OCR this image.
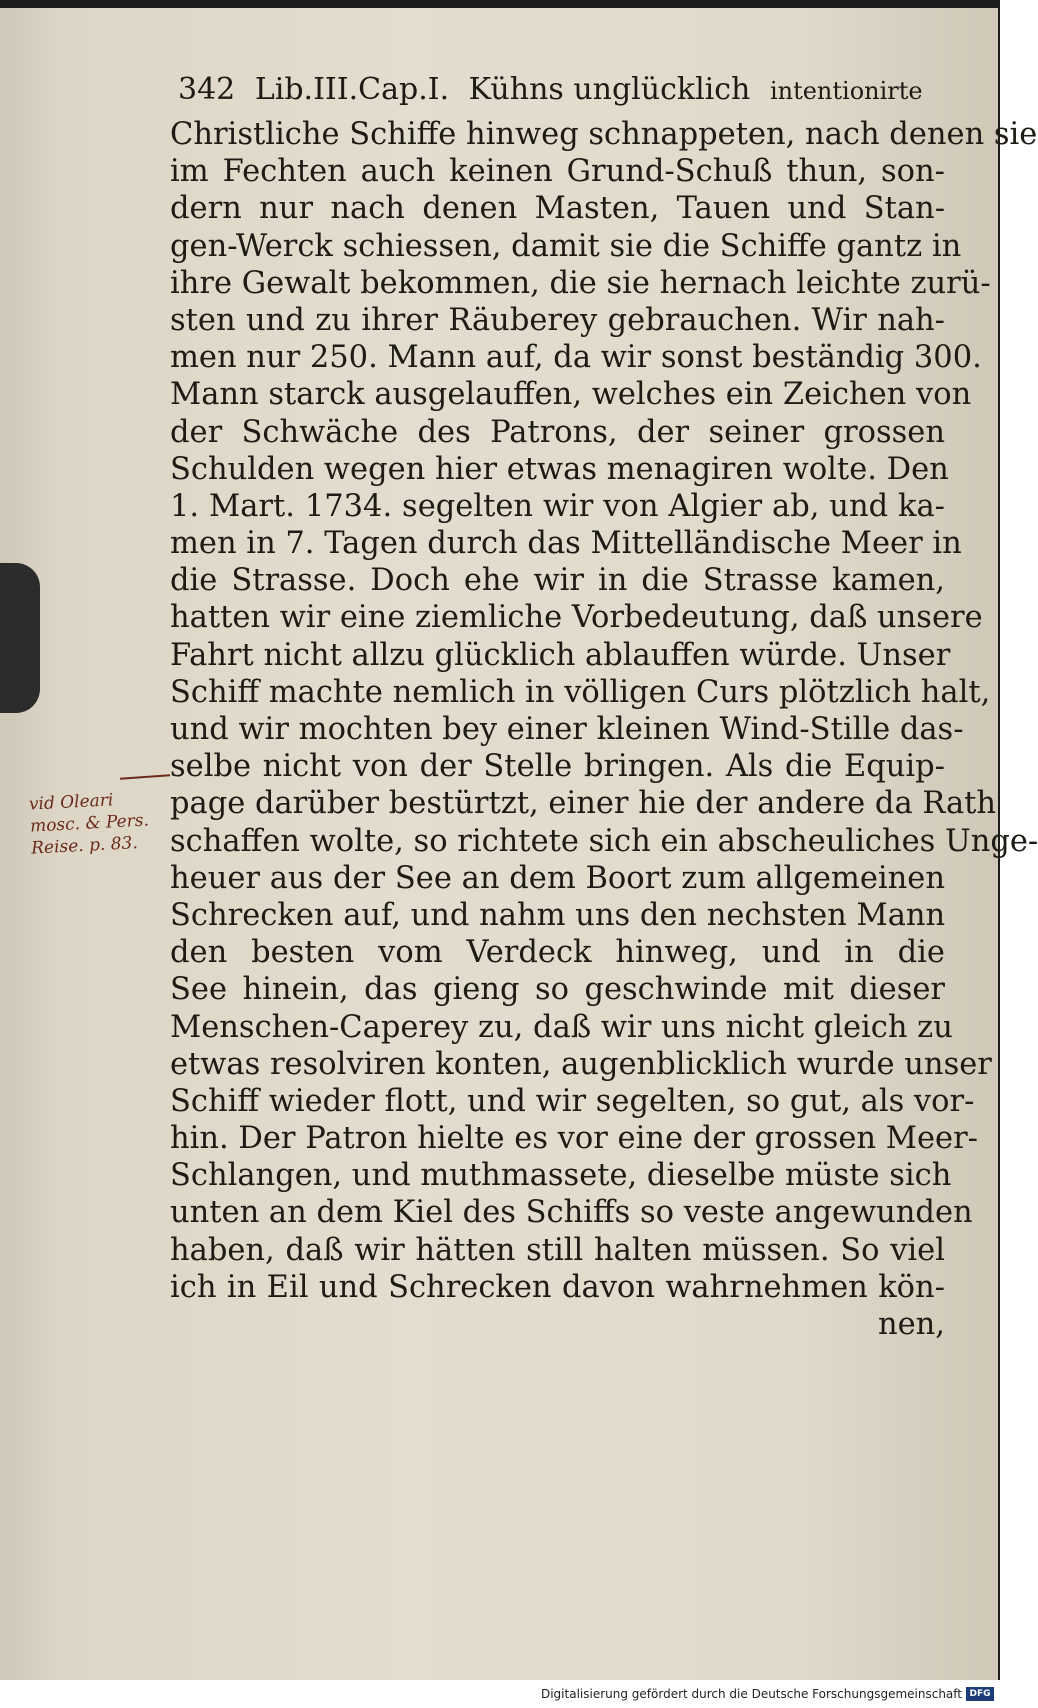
342 Lib.III.Cap.I. Kühns unglücklich intentionirte
Christliche Schiffe hinweg schnappeten, nach denen sie
im Fechten auch keinen Grund-Schuß thun, son-
dern nur nach denen Masten, Tauen und Stan-
gen-Werck schiessen, damit sie die Schiffe gantz in
ihre Gewalt bekommen, die sie hernach leichte zurü-
sten und zu ihrer Räuberey gebrauchen. Wir nah-
men nur 250. Mann auf, da wir sonst beständig 300.
Mann starck ausgelauffen, welches ein Zeichen von
der Schwäche des Patrons, der seiner grossen
Schulden wegen hier etwas menagiren wolte. Den
1. Mart. 1734. segelten wir von Algier ab, und ka-
men in 7. Tagen durch das Mittelländische Meer in
die Strasse. Doch ehe wir in die Strasse kamen,
hatten wir eine ziemliche Vorbedeutung, daß unsere
Fahrt nicht allzu glücklich ablauffen würde. Unser
Schiff machte nemlich in völligen Curs plötzlich halt,
und wir mochten bey einer kleinen Wind-Stille das-
selbe nicht von der Stelle bringen. Als die Equip-
page darüber bestürtzt, einer hie der andere da Rath
schaffen wolte, so richtete sich ein abscheuliches Unge-
heuer aus der See an dem Boort zum allgemeinen
Schrecken auf, und nahm uns den nechsten Mann
den besten vom Verdeck hinweg, und in die
See hinein, das gieng so geschwinde mit dieser
Menschen-Caperey zu, daß wir uns nicht gleich zu
etwas resolviren konten, augenblicklich wurde unser
Schiff wieder flott, und wir segelten, so gut, als vor-
hin. Der Patron hielte es vor eine der grossen Meer-
Schlangen, und muthmassete, dieselbe müste sich
unten an dem Kiel des Schiffs so veste angewunden
haben, daß wir hätten still halten müssen. So viel
ich in Eil und Schrecken davon wahrnehmen kön-
nen,
vid Oleari
mosc. & Pers.
Reise. p. 83.
Digitalisierung gefördert durch die Deutsche Forschungsgemeinschaft DFG
